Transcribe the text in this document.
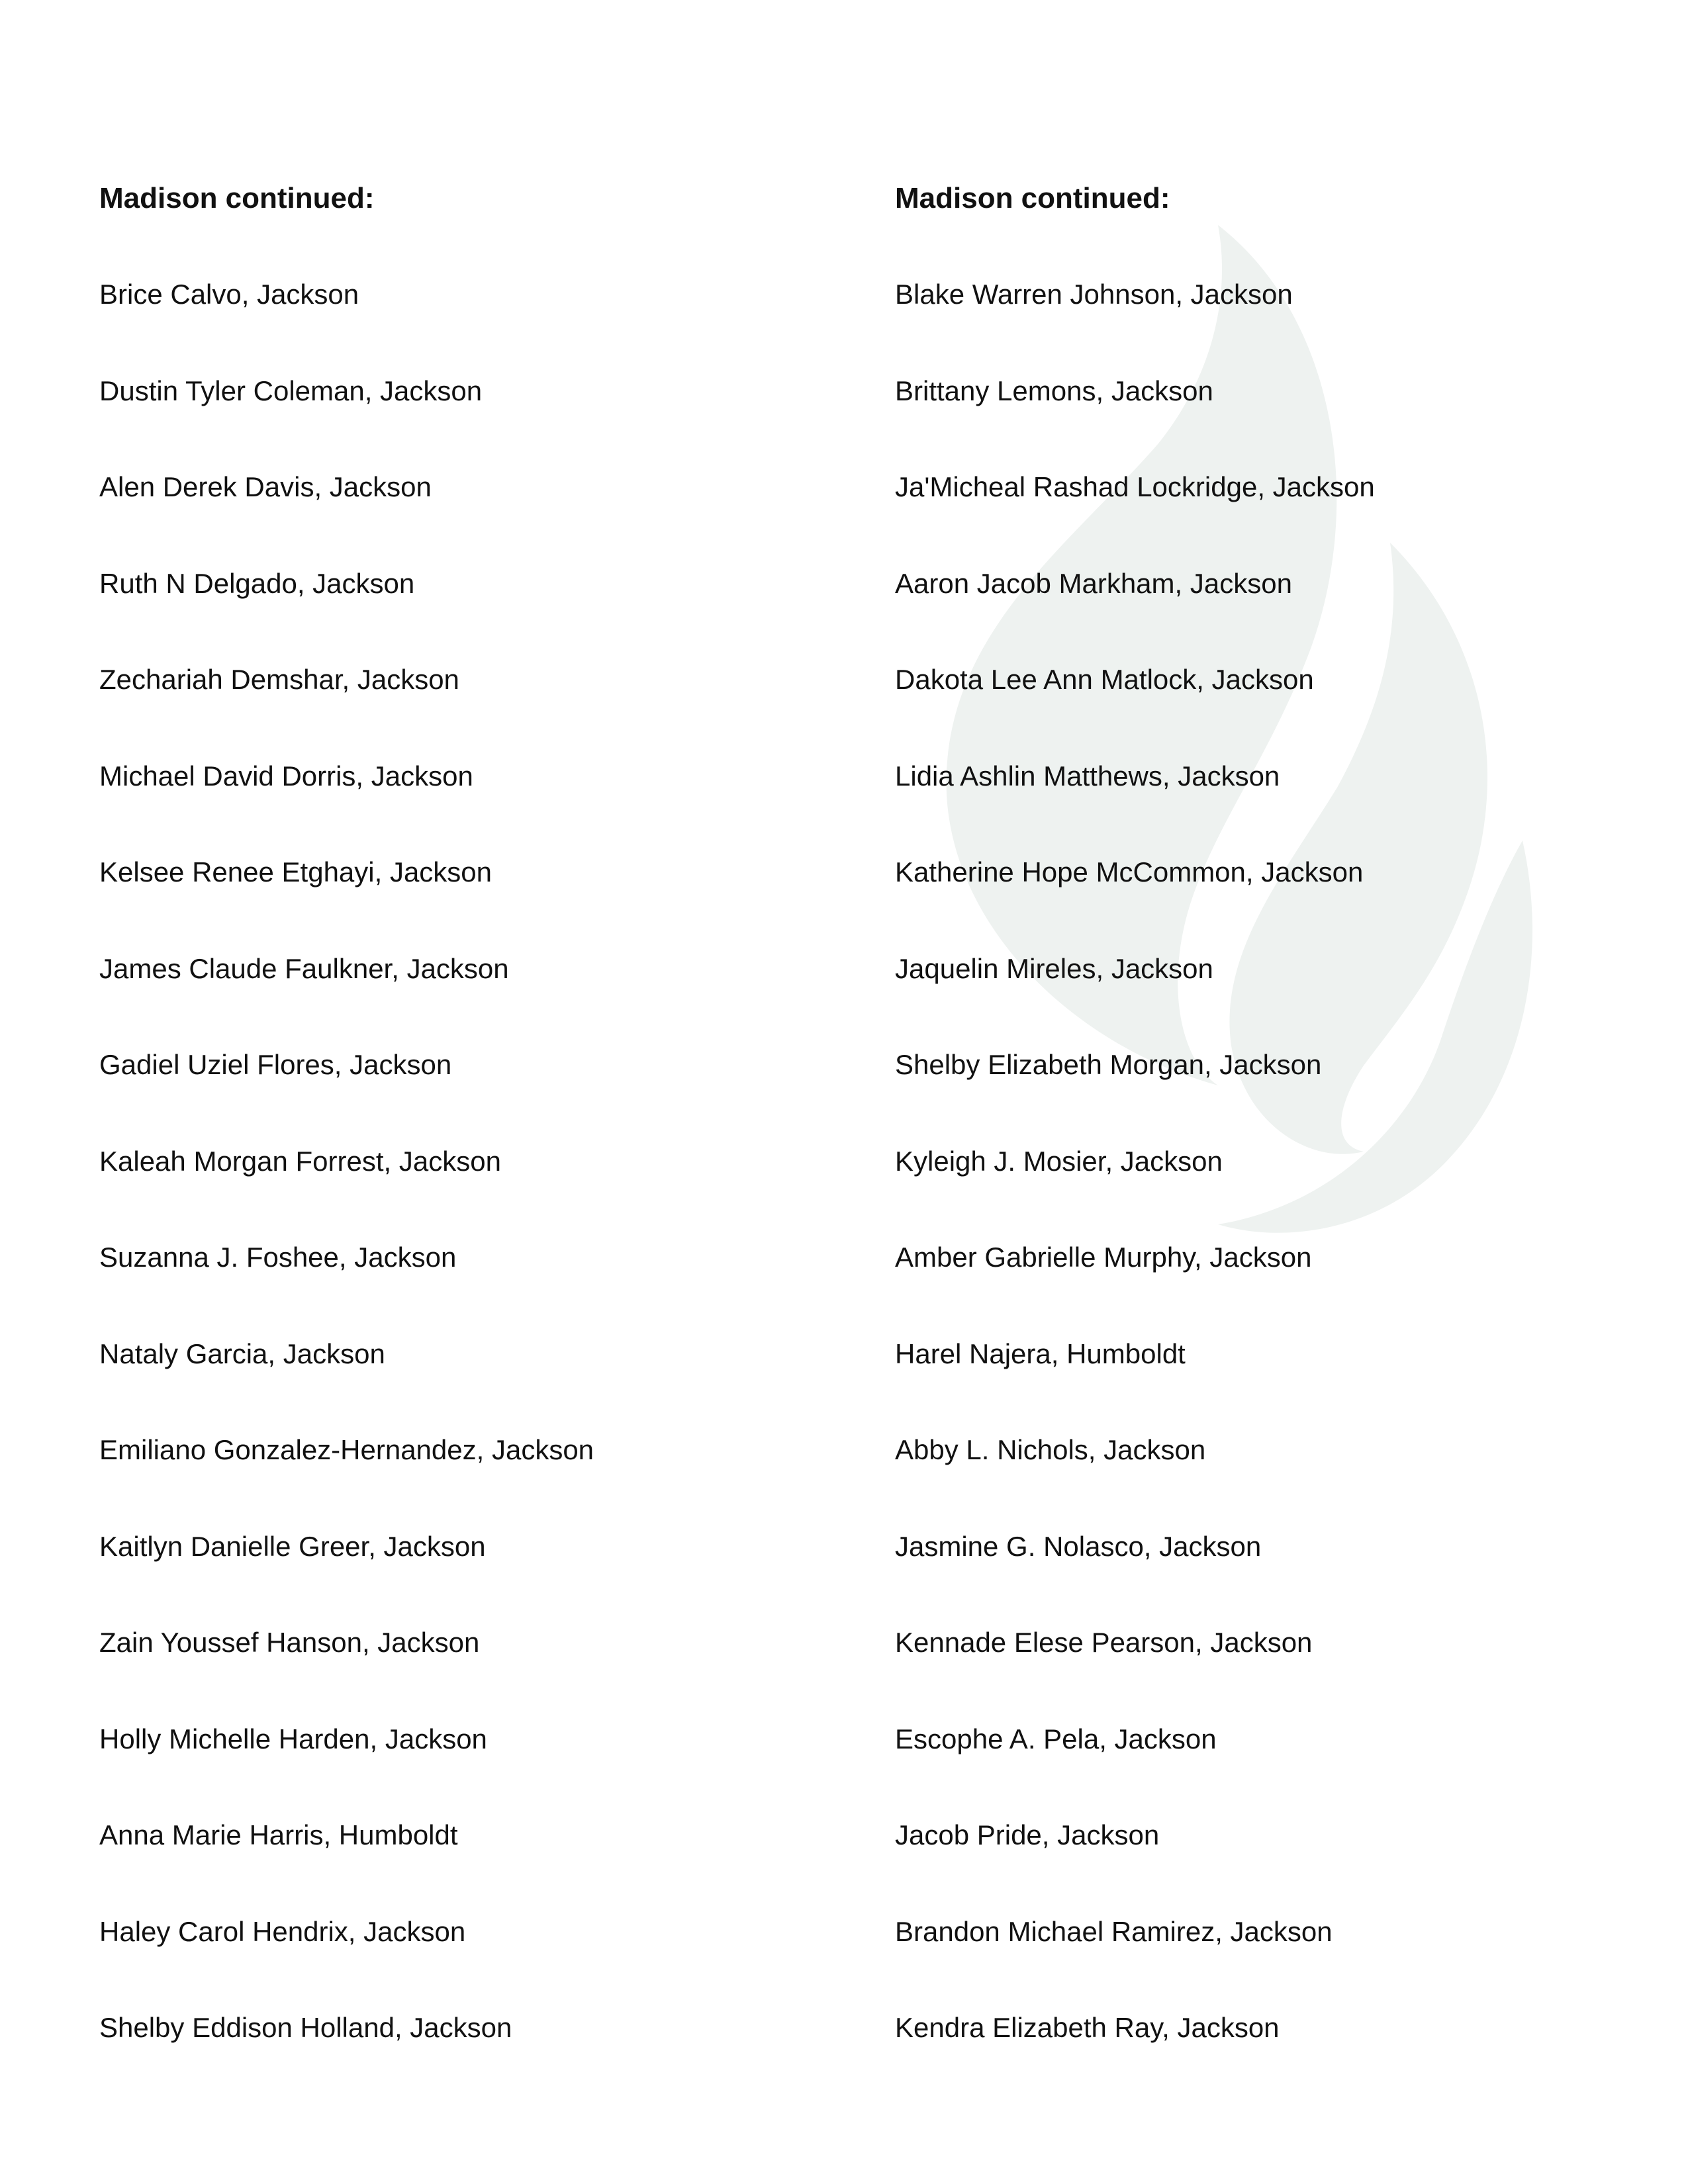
Madison continued:
Brice Calvo, Jackson
Dustin Tyler Coleman, Jackson
Alen Derek Davis, Jackson
Ruth N Delgado, Jackson
Zechariah Demshar, Jackson
Michael David Dorris, Jackson
Kelsee Renee Etghayi, Jackson
James Claude Faulkner, Jackson
Gadiel Uziel Flores, Jackson
Kaleah Morgan Forrest, Jackson
Suzanna J. Foshee, Jackson
Nataly Garcia, Jackson
Emiliano Gonzalez-Hernandez, Jackson
Kaitlyn Danielle Greer, Jackson
Zain Youssef Hanson, Jackson
Holly Michelle Harden, Jackson
Anna Marie Harris, Humboldt
Haley Carol Hendrix, Jackson
Shelby Eddison Holland, Jackson
Madison continued:
Blake Warren Johnson, Jackson
Brittany Lemons, Jackson
Ja'Micheal Rashad Lockridge, Jackson
Aaron Jacob Markham, Jackson
Dakota Lee Ann Matlock, Jackson
Lidia Ashlin Matthews, Jackson
Katherine Hope McCommon, Jackson
Jaquelin Mireles, Jackson
Shelby Elizabeth Morgan, Jackson
Kyleigh J. Mosier, Jackson
Amber Gabrielle Murphy, Jackson
Harel Najera, Humboldt
Abby L. Nichols, Jackson
Jasmine G. Nolasco, Jackson
Kennade Elese Pearson, Jackson
Escophe A. Pela, Jackson
Jacob Pride, Jackson
Brandon Michael Ramirez, Jackson
Kendra Elizabeth Ray, Jackson
